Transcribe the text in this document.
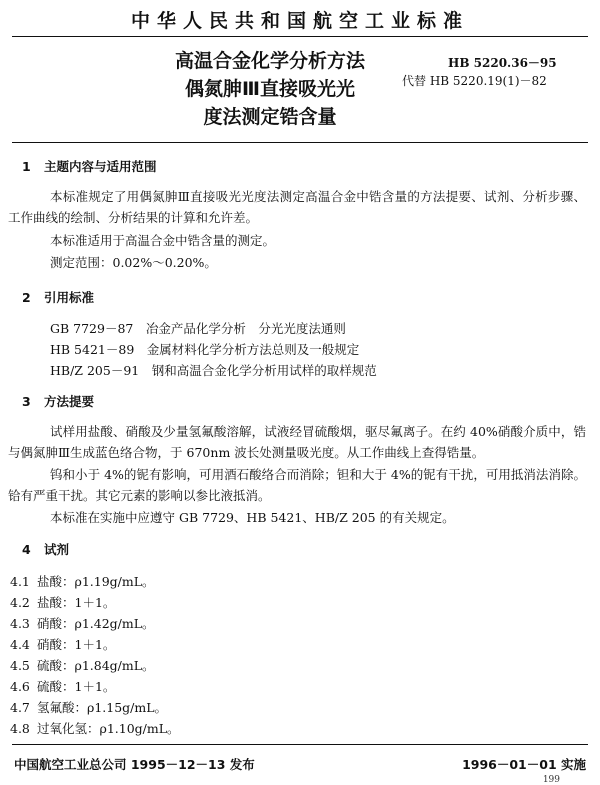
中华人民共和国航空工业标准
高温合金化学分析方法
偶氮胂Ⅲ直接吸光光
度法测定锆含量
HB 5220.36－95
代替 HB 5220.19(1)－82
1 主题内容与适用范围
本标准规定了用偶氮胂Ⅲ直接吸光光度法测定高温合金中锆含量的方法提要、试剂、分析步骤、工作曲线的绘制、分析结果的计算和允许差。
本标准适用于高温合金中锆含量的测定。
测定范围：0.02%～0.20%。
2 引用标准
GB 7729－87　冶金产品化学分析　分光光度法通则
HB 5421－89　金属材料化学分析方法总则及一般规定
HB/Z 205－91　钢和高温合金化学分析用试样的取样规范
3 方法提要
试样用盐酸、硝酸及少量氢氟酸溶解，试液经冒硫酸烟，驱尽氟离子。在约 40%硝酸介质中，锆与偶氮胂Ⅲ生成蓝色络合物，于 670nm 波长处测量吸光度。从工作曲线上查得锆量。
钨和小于 4%的铌有影响，可用酒石酸络合而消除；钽和大于 4%的铌有干扰，可用抵消法消除。铪有严重干扰。其它元素的影响以参比液抵消。
本标准在实施中应遵守 GB 7729、HB 5421、HB/Z 205 的有关规定。
4 试剂
4.1 盐酸：ρ1.19g/mL。
4.2 盐酸：1＋1。
4.3 硝酸：ρ1.42g/mL。
4.4 硝酸：1＋1。
4.5 硫酸：ρ1.84g/mL。
4.6 硫酸：1＋1。
4.7 氢氟酸：ρ1.15g/mL。
4.8 过氧化氢：ρ1.10g/mL。
中国航空工业总公司 1995－12－13 发布	1996－01－01 实施
199
